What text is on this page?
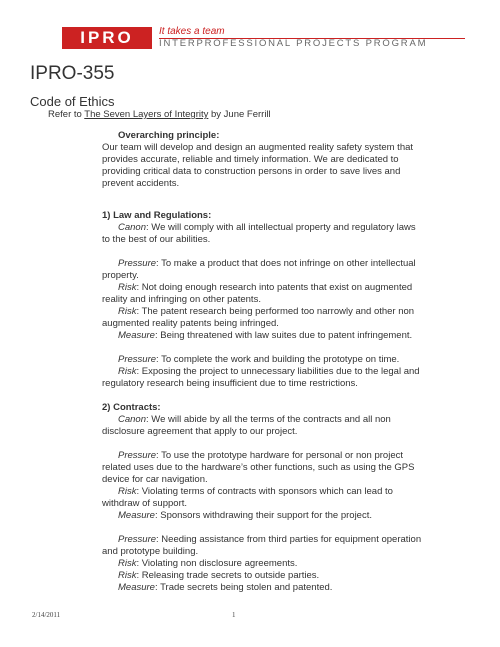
IPRO	It takes a team
INTERPROFESSIONAL PROJECTS PROGRAM
IPRO-355
Code of Ethics
Refer to The Seven Layers of Integrity by June Ferrill

Overarching principle:

Our team will develop and design an augmented reality safety system that provides accurate, reliable and timely information. We are dedicated to providing critical data to construction persons in order to save lives and prevent accidents.

1) Law and Regulations:

Canon: We will comply with all intellectual property and regulatory laws to the best of our abilities.

Pressure: To make a product that does not infringe on other intellectual property.

Risk: Not doing enough research into patents that exist on augmented reality and infringing on other patents.

Risk: The patent research being performed too narrowly and other non augmented reality patents being infringed.

Measure: Being threatened with law suites due to patent infringement.

Pressure: To complete the work and building the prototype on time.

Risk: Exposing the project to unnecessary liabilities due to the legal and regulatory research being insufficient due to time restrictions.

2) Contracts:

Canon: We will abide by all the terms of the contracts and all non disclosure agreement that apply to our project.

Pressure: To use the prototype hardware for personal or non project related uses due to the hardware’s other functions, such as using the GPS device for car navigation.

Risk: Violating terms of contracts with sponsors which can lead to withdraw of support.

Measure: Sponsors withdrawing their support for the project.

Pressure: Needing assistance from third parties for equipment operation and prototype building.

Risk: Violating non disclosure agreements.

Risk: Releasing trade secrets to outside parties.

Measure: Trade secrets being stolen and patented.

2/14/2011	1
